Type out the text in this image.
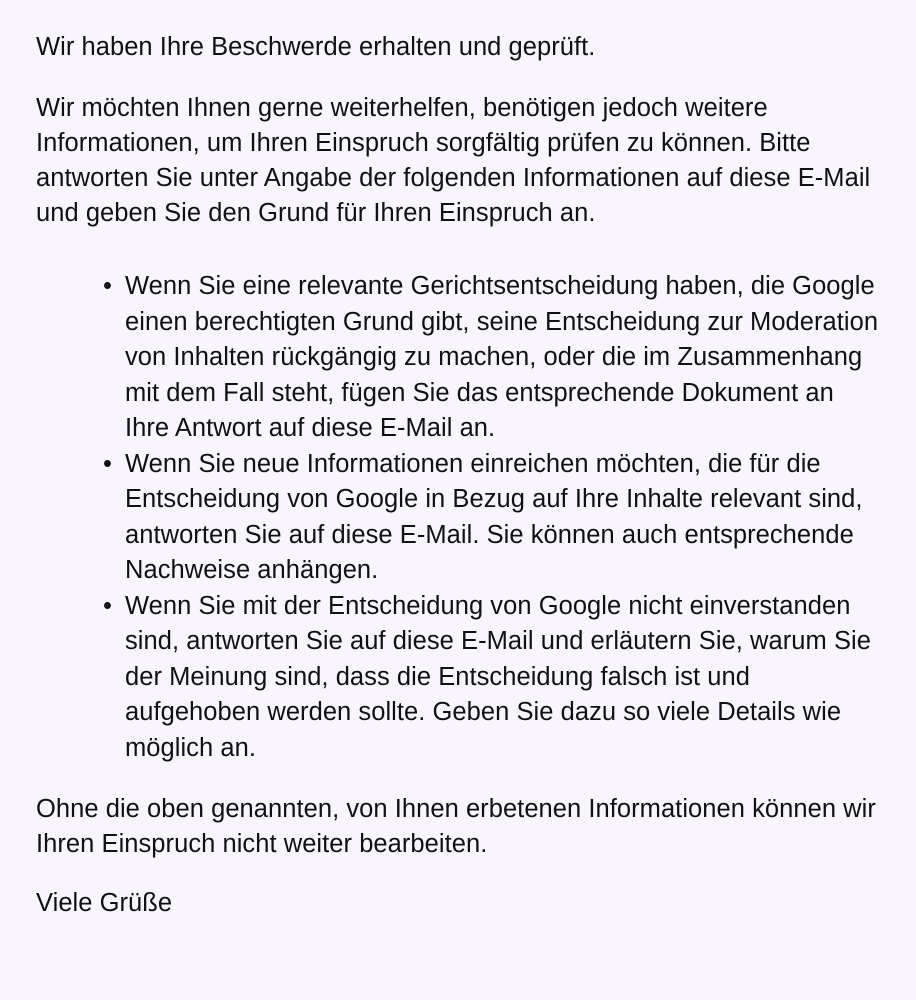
Wir haben Ihre Beschwerde erhalten und geprüft.

Wir möchten Ihnen gerne weiterhelfen, benötigen jedoch weitere Informationen, um Ihren Einspruch sorgfältig prüfen zu können. Bitte antworten Sie unter Angabe der folgenden Informationen auf diese E-Mail und geben Sie den Grund für Ihren Einspruch an.

• Wenn Sie eine relevante Gerichtsentscheidung haben, die Google einen berechtigten Grund gibt, seine Entscheidung zur Moderation von Inhalten rückgängig zu machen, oder die im Zusammenhang mit dem Fall steht, fügen Sie das entsprechende Dokument an Ihre Antwort auf diese E-Mail an.
• Wenn Sie neue Informationen einreichen möchten, die für die Entscheidung von Google in Bezug auf Ihre Inhalte relevant sind, antworten Sie auf diese E-Mail. Sie können auch entsprechende Nachweise anhängen.
• Wenn Sie mit der Entscheidung von Google nicht einverstanden sind, antworten Sie auf diese E-Mail und erläutern Sie, warum Sie der Meinung sind, dass die Entscheidung falsch ist und aufgehoben werden sollte. Geben Sie dazu so viele Details wie möglich an.

Ohne die oben genannten, von Ihnen erbetenen Informationen können wir Ihren Einspruch nicht weiter bearbeiten.

Viele Grüße
